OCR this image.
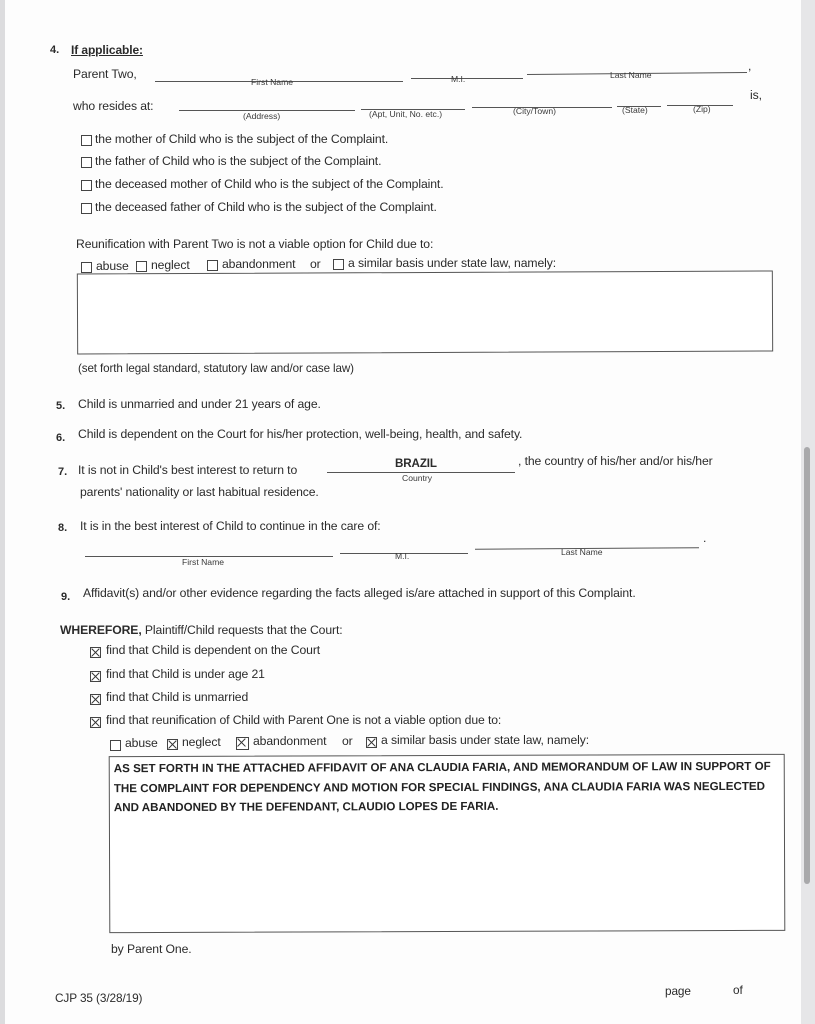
4. If applicable:
Parent Two,
First Name	M.I.	Last Name
,
who resides at:
(Address)	(Apt, Unit, No. etc.)	(City/Town)	(State)	(Zip)
is,
the mother of Child who is the subject of the Complaint.
the father of Child who is the subject of the Complaint.
the deceased mother of Child who is the subject of the Complaint.
the deceased father of Child who is the subject of the Complaint.
Reunification with Parent Two is not a viable option for Child due to:
abuse neglect	abandonment or a similar basis under state law, namely:
(set forth legal standard, statutory law and/or case law)
5. Child is unmarried and under 21 years of age.
6. Child is dependent on the Court for his/her protection, well-being, health, and safety.
7. It is not in Child's best interest to return to	BRAZIL
Country
, the country of his/her and/or his/her
parents' nationality or last habitual residence.
8. It is in the best interest of Child to continue in the care of:
First Name
M.I.	Last Name
.
9. Affidavit(s) and/or other evidence regarding the facts alleged is/are attached in support of this Complaint.
WHEREFORE, Plaintiff/Child requests that the Court:
find that Child is dependent on the Court
find that Child is under age 21
find that Child is unmarried
find that reunification of Child with Parent One is not a viable option due to:
abuse neglect	abandonment or a similar basis under state law, namely:
AS SET FORTH IN THE ATTACHED AFFIDAVIT OF ANA CLAUDIA FARIA, AND MEMORANDUM OF LAW IN SUPPORT OF THE COMPLAINT FOR DEPENDENCY AND MOTION FOR SPECIAL FINDINGS, ANA CLAUDIA FARIA WAS NEGLECTED AND ABANDONED BY THE DEFENDANT, CLAUDIO LOPES DE FARIA.
by Parent One.
CJP 35 (3/28/19)	page	of
